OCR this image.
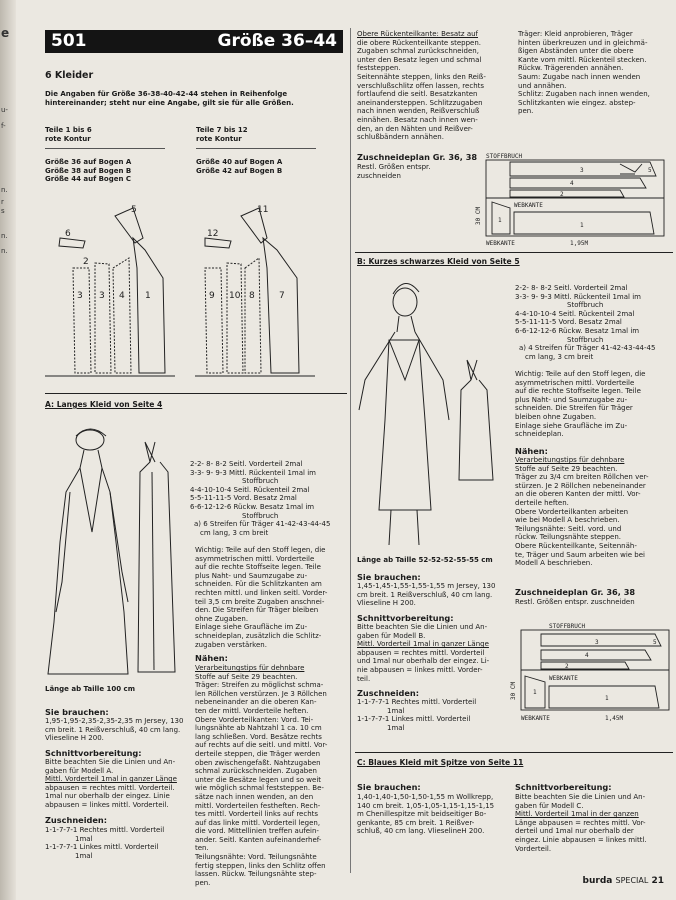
e
u-
f-
n.
r
s
n.
n.
501	Größe 36–44
6 Kleider
Die Angaben für Größe 36-38-40-42-44 stehen in Reihenfolge
hintereinander; steht nur eine Angabe, gilt sie für alle Größen.
Teile 1 bis 6
rote Kontur
Teile 7 bis 12
rote Kontur
Größe 36 auf Bogen A
Größe 38 auf Bogen B
Größe 44 auf Bogen C
Größe 40 auf Bogen A
Größe 42 auf Bogen B
5
6
2
3 3 4 1
11
12
9 10 8	7
A: Langes Kleid von Seite 4
Länge ab Taille 100 cm
2-2- 8- 8-2 Seitl. Vorderteil 2mal
3-3- 9- 9-3 Mittl. Rückenteil 1mal im
Stoffbruch
4-4-10-10-4 Seitl. Rückenteil 2mal
5-5-11-11-5 Vord. Besatz 2mal
6-6-12-12-6 Rückw. Besatz 1mal im
Stoffbruch
a) 6 Streifen für Träger 41-42-43-44-45
cm lang, 3 cm breit
Wichtig: Teile auf den Stoff legen, die
asymmetrischen mittl. Vorderteile
auf die rechte Stoffseite legen. Teile
plus Naht- und Saumzugabe zu-
schneiden. Für die Schlitzkanten am
rechten mittl. und linken seitl. Vorder-
teil 3,5 cm breite Zugaben anschnei-
den. Die Streifen für Träger bleiben
ohne Zugaben.
Einlage siehe Graufläche im Zu-
schneideplan, zusätzlich die Schlitz-
zugaben verstärken.
Nähen:
Verarbeitungstips für dehnbare
Stoffe auf Seite 29 beachten.
Träger: Streifen zu möglichst schma-
len Röllchen verstürzen. Je 3 Röllchen
nebeneinander an die oberen Kan-
ten der mittl. Vorderteile heften.
Obere Vorderteilkanten: Vord. Tei-
lungsnähte ab Nahtzahl 1 ca. 10 cm
lang schließen. Vord. Besätze rechts
auf rechts auf die seitl. und mittl. Vor-
derteile steppen, die Träger werden
oben zwischengefaßt. Nahtzugaben
schmal zurückschneiden. Zugaben
unter die Besätze legen und so weit
wie möglich schmal feststeppen. Be-
sätze nach innen wenden, an den
mittl. Vorderteilen festheften. Rech-
tes mittl. Vorderteil links auf rechts
auf das linke mittl. Vorderteil legen,
die vord. Mittellinien treffen aufein-
ander. Seitl. Kanten aufeinanderhef-
ten.
Teilungsnähte: Vord. Teilungsnähte
fertig steppen, links den Schlitz offen
lassen. Rückw. Teilungsnähte step-
pen.
Sie brauchen:
1,95-1,95-2,35-2,35-2,35 m Jersey, 130
cm breit. 1 Reißverschluß, 40 cm lang.
Vlieseline H 200.
Schnittvorbereitung:
Bitte beachten Sie die Linien und An-
gaben für Modell A.
Mittl. Vorderteil 1mal in ganzer Länge
abpausen = rechtes mittl. Vorderteil.
1mal nur oberhalb der eingez. Linie
abpausen = linkes mittl. Vorderteil.
Zuschneiden:
1-1-7-7-1 Rechtes mittl. Vorderteil
1mal
1-1-7-7-1 Linkes mittl. Vorderteil
1mal
Obere Rückenteilkante: Besatz auf
die obere Rückenteilkante steppen.
Zugaben schmal zurückschneiden,
unter den Besatz legen und schmal
feststeppen.
Seitennähte steppen, links den Reiß-
verschlußschlitz offen lassen, rechts
fortlaufend die seitl. Besatzkanten
aneinandersteppen. Schlitzzugaben
nach innen wenden, Reißverschluß
einnähen. Besatz nach innen wen-
den, an den Nähten und Reißver-
schlußbändern annähen.
Träger: Kleid anprobieren, Träger
hinten überkreuzen und in gleichmä-
ßigen Abständen unter die obere
Kante vom mittl. Rückenteil stecken.
Rückw. Trägerenden annähen.
Saum: Zugabe nach innen wenden
und annähen.
Schlitz: Zugaben nach innen wenden,
Schlitzkanten wie eingez. abstep-
pen.
Zuschneideplan Gr. 36, 38
Restl. Größen entspr.
zuschneiden
STOFFBRUCH
WEBKANTE	1,95M
30 CM
WEBKANTE
3
4
2
1
1
5
B: Kurzes schwarzes Kleid von Seite 5
2-2- 8- 8-2 Seitl. Vorderteil 2mal
3-3- 9- 9-3 Mittl. Rückenteil 1mal im
Stoffbruch
4-4-10-10-4 Seitl. Rückenteil 2mal
5-5-11-11-5 Vord. Besatz 2mal
6-6-12-12-6 Rückw. Besatz 1mal im
Stoffbruch
a) 4 Streifen für Träger 41-42-43-44-45
cm lang, 3 cm breit
Wichtig: Teile auf den Stoff legen, die
asymmetrischen mittl. Vorderteile
auf die rechte Stoffseite legen. Teile
plus Naht- und Saumzugabe zu-
schneiden. Die Streifen für Träger
bleiben ohne Zugaben.
Einlage siehe Graufläche im Zu-
schneideplan.
Nähen:
Verarbeitungstips für dehnbare
Stoffe auf Seite 29 beachten.
Träger zu 3/4 cm breiten Röllchen ver-
stürzen. Je 2 Röllchen nebeneinander
an die oberen Kanten der mittl. Vor-
derteile heften.
Obere Vorderteilkanten arbeiten
wie bei Modell A beschrieben.
Teilungsnähte: Seitl. vord. und
rückw. Teilungsnähte steppen.
Obere Rückenteilkante, Seitennäh-
te, Träger und Saum arbeiten wie bei
Modell A beschrieben.
Länge ab Taille 52-52-52-55-55 cm
Sie brauchen:
1,45-1,45-1,55-1,55-1,55 m Jersey, 130
cm breit. 1 Reißverschluß, 40 cm lang.
Vlieseline H 200.
Schnittvorbereitung:
Bitte beachten Sie die Linien und An-
gaben für Modell B.
Mittl. Vorderteil 1mal in ganzer Länge
abpausen = rechtes mittl. Vorderteil
und 1mal nur oberhalb der eingez. Li-
nie abpausen = linkes mittl. Vorder-
teil.
Zuschneiden:
1-1-7-7-1 Rechtes mittl. Vorderteil
1mal
1-1-7-7-1 Linkes mittl. Vorderteil
1mal
Zuschneideplan Gr. 36, 38
Restl. Größen entspr. zuschneiden
STOFFBRUCH
WEBKANTE	1,45M
30 CM
WEBKANTE
3
4
2
1
1
5
C: Blaues Kleid mit Spitze von Seite 11
Sie brauchen:
1,40-1,40-1,50-1,50-1,55 m Wollkrepp,
140 cm breit. 1,05-1,05-1,15-1,15-1,15
m Chenillespitze mit beidseitiger Bo-
genkante, 85 cm breit. 1 Reißver-
schluß, 40 cm lang. VlieselineH 200.
Schnittvorbereitung:
Bitte beachten Sie die Linien und An-
gaben für Modell C.
Mittl. Vorderteil 1mal in der ganzen
Länge abpausen = rechtes mittl. Vor-
derteil und 1mal nur oberhalb der
eingez. Linie abpausen = linkes mittl.
Vorderteil.
burda SPECIAL 21
